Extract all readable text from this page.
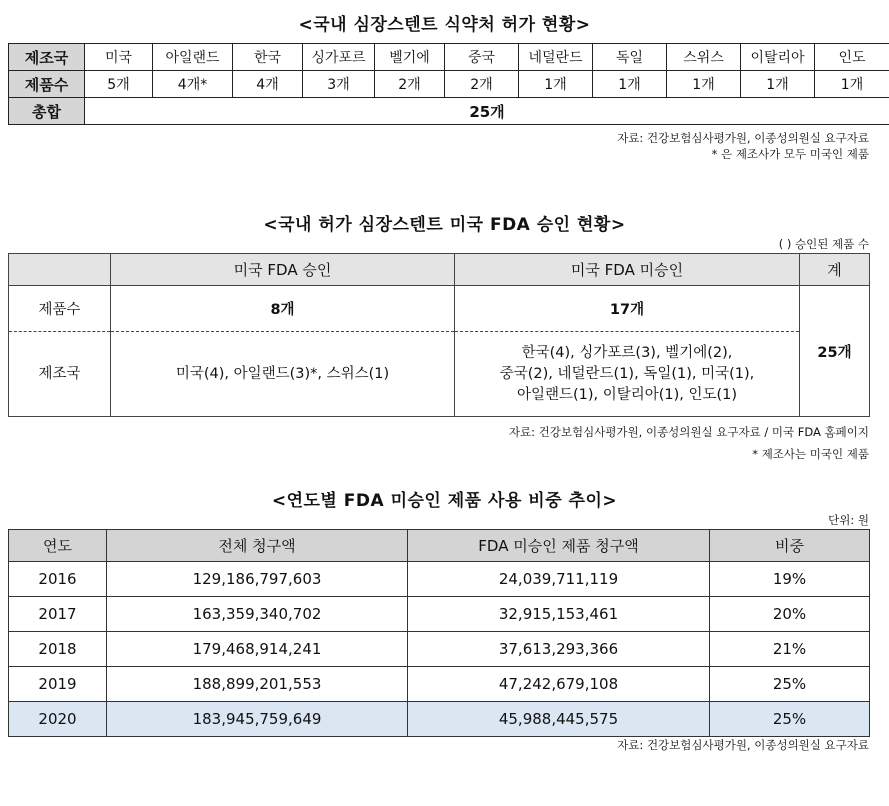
<국내 심장스텐트 식약처 허가 현황>
제조국	미국	아일랜드	한국	싱가포르	벨기에	중국	네덜란드	독일	스위스	이탈리아	인도
제품수	5개	4개*	4개	3개	2개	2개	1개	1개	1개	1개	1개
총합	25개										
자료: 건강보험심사평가원, 이종성의원실 요구자료
* 은 제조사가 모두 미국인 제품
<국내 허가 심장스텐트 미국 FDA 승인 현황>
( ) 승인된 제품 수
	미국 FDA 승인	미국 FDA 미승인	계
제품수	8개	17개	25개
제조국	미국(4), 아일랜드(3)*, 스위스(1)	한국(4), 싱가포르(3), 벨기에(2),
중국(2), 네덜란드(1), 독일(1), 미국(1),
아일랜드(1), 이탈리아(1), 인도(1)	
자료: 건강보험심사평가원, 이종성의원실 요구자료 / 미국 FDA 홈페이지
* 제조사는 미국인 제품
<연도별 FDA 미승인 제품 사용 비중 추이>
단위: 원
연도	전체 청구액	FDA 미승인 제품 청구액	비중
2016	129,186,797,603	24,039,711,119	19%
2017	163,359,340,702	32,915,153,461	20%
2018	179,468,914,241	37,613,293,366	21%
2019	188,899,201,553	47,242,679,108	25%
2020	183,945,759,649	45,988,445,575	25%
자료: 건강보험심사평가원, 이종성의원실 요구자료
